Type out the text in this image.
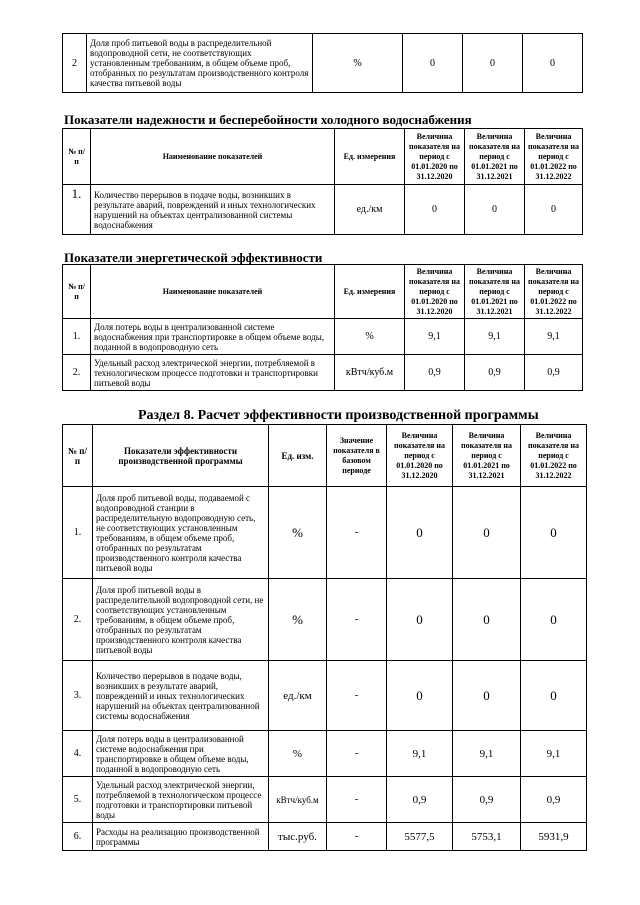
2	Доля проб питьевой воды в распределительной водопроводной сети, не соответствующих установленным требованиям, в общем объеме проб, отобранных по результатам производственного контроля качества питьевой воды	%	0	0	0
Показатели надежности и бесперебойности холодного водоснабжения
№ п/п	Наименование показателей	Ед. измерения	Величина показателя на период с 01.01.2020 по 31.12.2020	Величина показателя на период с 01.01.2021 по 31.12.2021	Величина показателя на период с 01.01.2022 по 31.12.2022
1.	Количество перерывов в подаче воды, возникших в результате аварий, повреждений и иных технологических нарушений на объектах централизованной системы водоснабжения	ед./км	0	0	0
Показатели энергетической эффективности
№ п/п	Наименование показателей	Ед. измерения	Величина показателя на период с 01.01.2020 по 31.12.2020	Величина показателя на период с 01.01.2021 по 31.12.2021	Величина показателя на период с 01.01.2022 по 31.12.2022
1.	Доля потерь воды в централизованной системе водоснабжения при транспортировке в общем объеме воды, поданной в водопроводную сеть	%	9,1	9,1	9,1
2.	Удельный расход электрической энергии, потребляемой в технологическом процессе подготовки и транспортировки питьевой воды	кВтч/куб.м	0,9	0,9	0,9
Раздел 8. Расчет эффективности производственной программы
№ п/п	Показатели эффективности производственной программы	Ед. изм.	Значение показателя в базовом периоде	Величина показателя на период с 01.01.2020 по 31.12.2020	Величина показателя на период с 01.01.2021 по 31.12.2021	Величина показателя на период с 01.01.2022 по 31.12.2022
1.	Доля проб питьевой воды, подаваемой с водопроводной станции в распределительную водопроводную сеть, не соответствующих установленным требованиям, в общем объеме проб, отобранных по результатам производственного контроля качества питьевой воды	%	-	0	0	0
2.	Доля проб питьевой воды в распределительной водопроводной сети, не соответствующих установленным требованиям, в общем объеме проб, отобранных по результатам производственного контроля качества питьевой воды	%	-	0	0	0
3.	Количество перерывов в подаче воды, возникших в результате аварий, повреждений и иных технологических нарушений на объектах централизованной системы водоснабжения	ед./км	-	0	0	0
4.	Доля потерь воды в централизованной системе водоснабжения при транспортировке в общем объеме воды, поданной в водопроводную сеть	%	-	9,1	9,1	9,1
5.	Удельный расход электрической энергии, потребляемой в технологическом процессе подготовки и транспортировки питьевой воды	кВтч/куб.м	-	0,9	0,9	0,9
6.	Расходы на реализацию производственной программы	тыс.руб.	-	5577,5	5753,1	5931,9
